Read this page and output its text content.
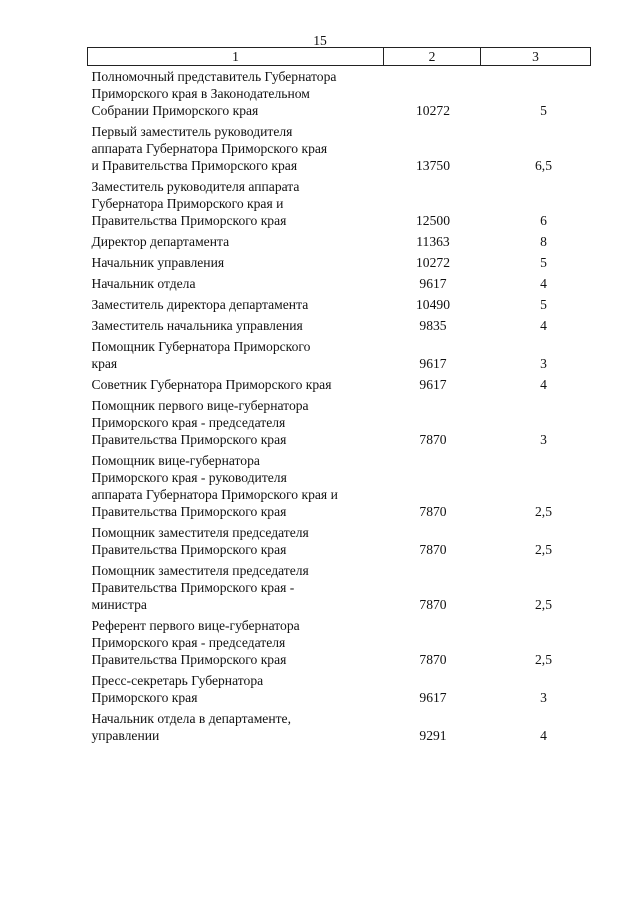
15
1	2	3
Полномочный представитель Губернатора
Приморского края в Законодательном
Собрании Приморского края	10272	5
Первый заместитель руководителя
аппарата Губернатора Приморского края
и Правительства Приморского края	13750	6,5
Заместитель руководителя аппарата
Губернатора Приморского края и
Правительства Приморского края	12500	6
Директор департамента	11363	8
Начальник управления	10272	5
Начальник отдела	9617	4
Заместитель директора департамента	10490	5
Заместитель начальника управления	9835	4
Помощник Губернатора Приморского
края	9617	3
Советник Губернатора Приморского края	9617	4
Помощник первого вице-губернатора
Приморского края - председателя
Правительства Приморского края	7870	3
Помощник вице-губернатора
Приморского края - руководителя
аппарата Губернатора Приморского края и
Правительства Приморского края	7870	2,5
Помощник заместителя председателя
Правительства Приморского края	7870	2,5
Помощник заместителя председателя
Правительства Приморского края -
министра	7870	2,5
Референт первого вице-губернатора
Приморского края - председателя
Правительства Приморского края	7870	2,5
Пресс-секретарь Губернатора
Приморского края	9617	3
Начальник отдела в департаменте,
управлении	9291	4
